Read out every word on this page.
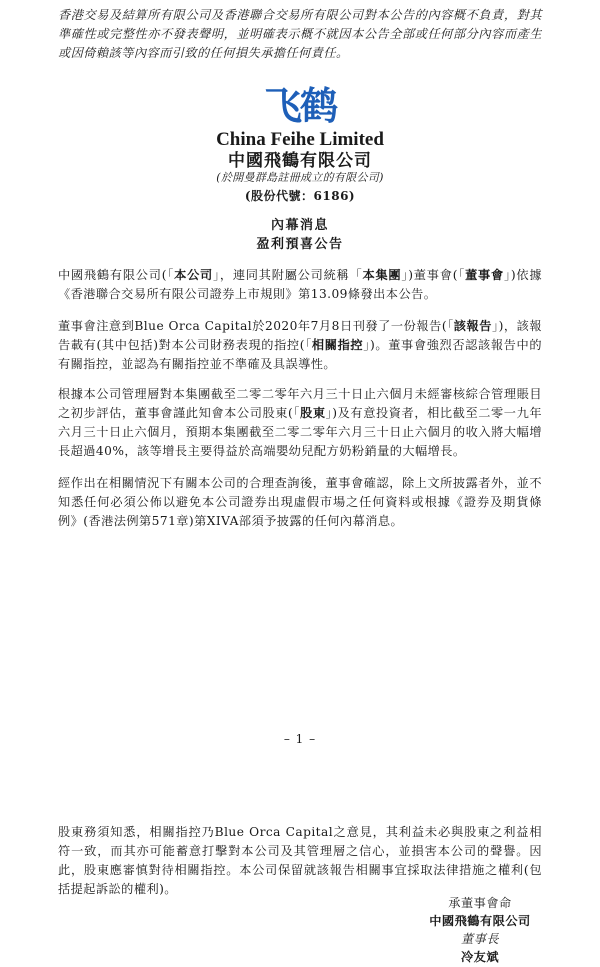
香港交易及結算所有限公司及香港聯合交易所有限公司對本公告的內容概不負責，對其準確性或完整性亦不發表聲明，並明確表示概不就因本公告全部或任何部分內容而產生或因倚賴該等內容而引致的任何損失承擔任何責任。
飞鹤
China Feihe Limited
中國飛鶴有限公司
(於開曼群島註冊成立的有限公司)
(股份代號：6186)
內幕消息
盈利預喜公告
中國飛鶴有限公司(「本公司」，連同其附屬公司統稱「本集團」)董事會(「董事會」)依據《香港聯合交易所有限公司證券上市規則》第13.09條發出本公告。
董事會注意到Blue Orca Capital於2020年7月8日刊發了一份報告(「該報告」)，該報告載有(其中包括)對本公司財務表現的指控(「相關指控」)。董事會強烈否認該報告中的有關指控，並認為有關指控並不準確及具誤導性。
根據本公司管理層對本集團截至二零二零年六月三十日止六個月未經審核綜合管理賬目之初步評估，董事會謹此知會本公司股東(「股東」)及有意投資者，相比截至二零一九年六月三十日止六個月，預期本集團截至二零二零年六月三十日止六個月的收入將大幅增長超過40%，該等增長主要得益於高端嬰幼兒配方奶粉銷量的大幅增長。
經作出在相關情況下有關本公司的合理查詢後，董事會確認，除上文所披露者外，並不知悉任何必須公佈以避免本公司證券出現虛假市場之任何資料或根據《證券及期貨條例》(香港法例第571章)第XIVA部須予披露的任何內幕消息。
– 1 –
股東務須知悉，相關指控乃Blue Orca Capital之意見，其利益未必與股東之利益相符一致，而其亦可能蓄意打擊對本公司及其管理層之信心，並損害本公司的聲譽。因此，股東應審慎對待相關指控。本公司保留就該報告相關事宜採取法律措施之權利(包括提起訴訟的權利)。
承董事會命
中國飛鶴有限公司
董事長
冷友斌
